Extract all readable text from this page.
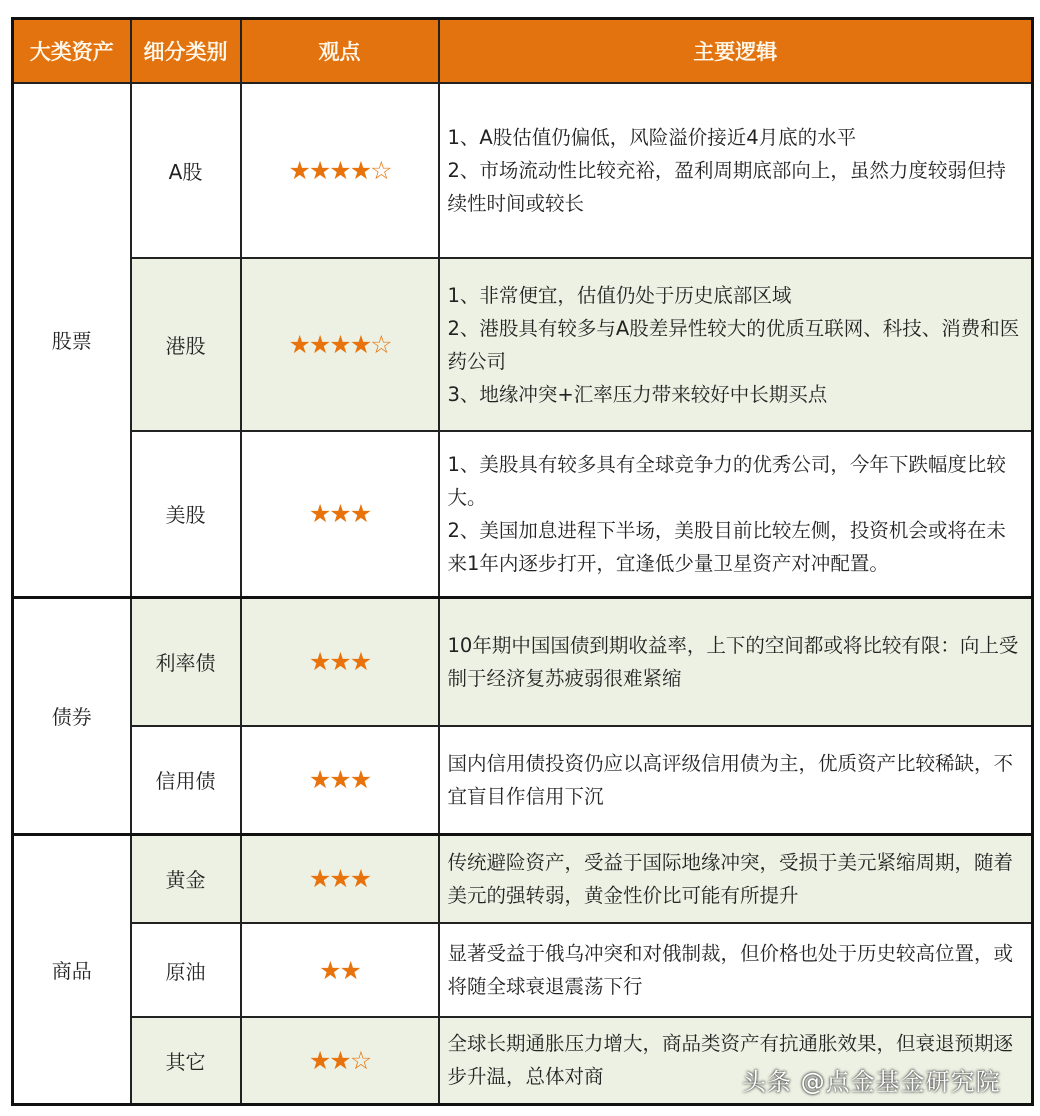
大类资产	细分类别	观点	主要逻辑
股票	A股	★★★★☆	1、A股估值仍偏低，风险溢价接近4月底的水平
2、市场流动性比较充裕，盈利周期底部向上，虽然力度较弱但持续性时间或较长

	港股	★★★★☆	1、非常便宜，估值仍处于历史底部区域
2、港股具有较多与A股差异性较大的优质互联网、科技、消费和医药公司
3、地缘冲突+汇率压力带来较好中长期买点

	美股	★★★	1、美股具有较多具有全球竞争力的优秀公司，今年下跌幅度比较大。
2、美国加息进程下半场，美股目前比较左侧，投资机会或将在未来1年内逐步打开，宜逢低少量卫星资产对冲配置。

债券	利率债	★★★	10年期中国国债到期收益率，上下的空间都或将比较有限：向上受制于经济复苏疲弱很难紧缩

	信用债	★★★	国内信用债投资仍应以高评级信用债为主，优质资产比较稀缺，不宜盲目作信用下沉

商品	黄金	★★★	传统避险资产，受益于国际地缘冲突，受损于美元紧缩周期，随着美元的强转弱，黄金性价比可能有所提升

	原油	★★	显著受益于俄乌冲突和对俄制裁，但价格也处于历史较高位置，或将随全球衰退震荡下行

	其它	★★☆	全球长期通胀压力增大，商品类资产有抗通胀效果，但衰退预期逐步升温，总体对商	头条 @点金基金研究院
